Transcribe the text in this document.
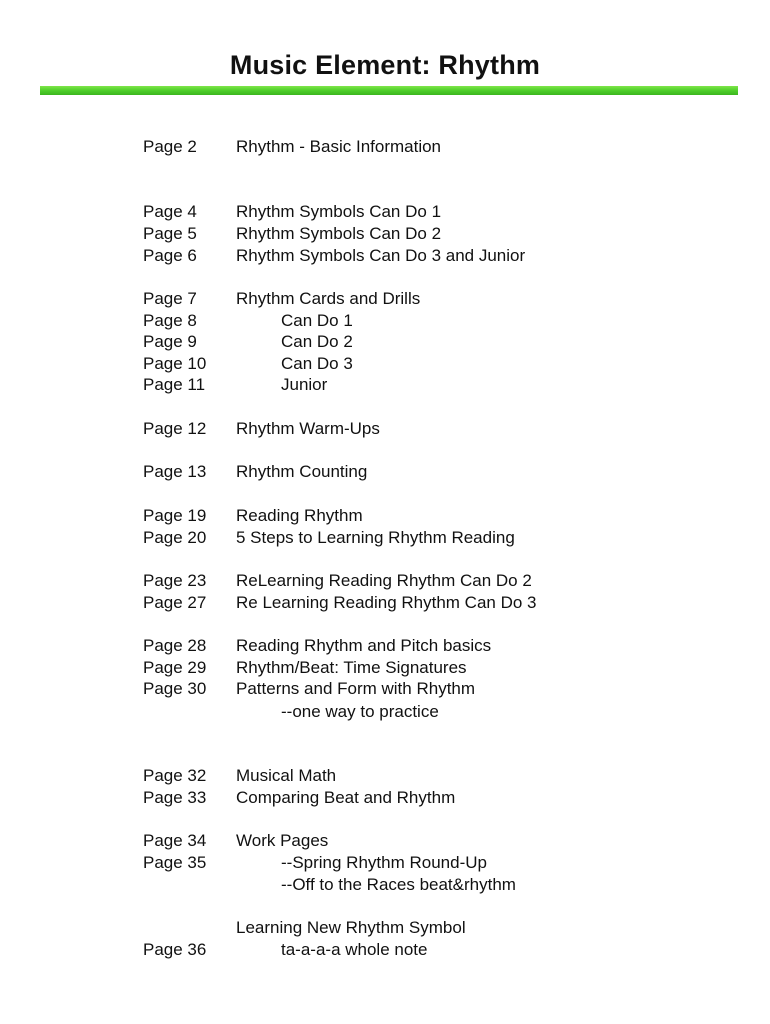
Music Element: Rhythm
Page 2 Rhythm - Basic Information
Page 4 Rhythm Symbols Can Do 1
Page 5 Rhythm Symbols Can Do 2
Page 6 Rhythm Symbols Can Do 3 and Junior
Page 7 Rhythm Cards and Drills
Page 8	Can Do 1
Page 9	Can Do 2
Page 10	Can Do 3
Page 11	Junior
Page 12 Rhythm Warm-Ups
Page 13 Rhythm Counting
Page 19 Reading Rhythm
Page 20 5 Steps to Learning Rhythm Reading
Page 23 ReLearning Reading Rhythm Can Do 2
Page 27 Re Learning Reading Rhythm Can Do 3
Page 28 Reading Rhythm and Pitch basics
Page 29 Rhythm/Beat: Time Signatures
Page 30 Patterns and Form with Rhythm
--one way to practice
Page 32 Musical Math
Page 33 Comparing Beat and Rhythm
Page 34 Work Pages
Page 35	--Spring Rhythm Round-Up
--Off to the Races beat&rhythm
Learning New Rhythm Symbol
Page 36	ta-a-a-a whole note
